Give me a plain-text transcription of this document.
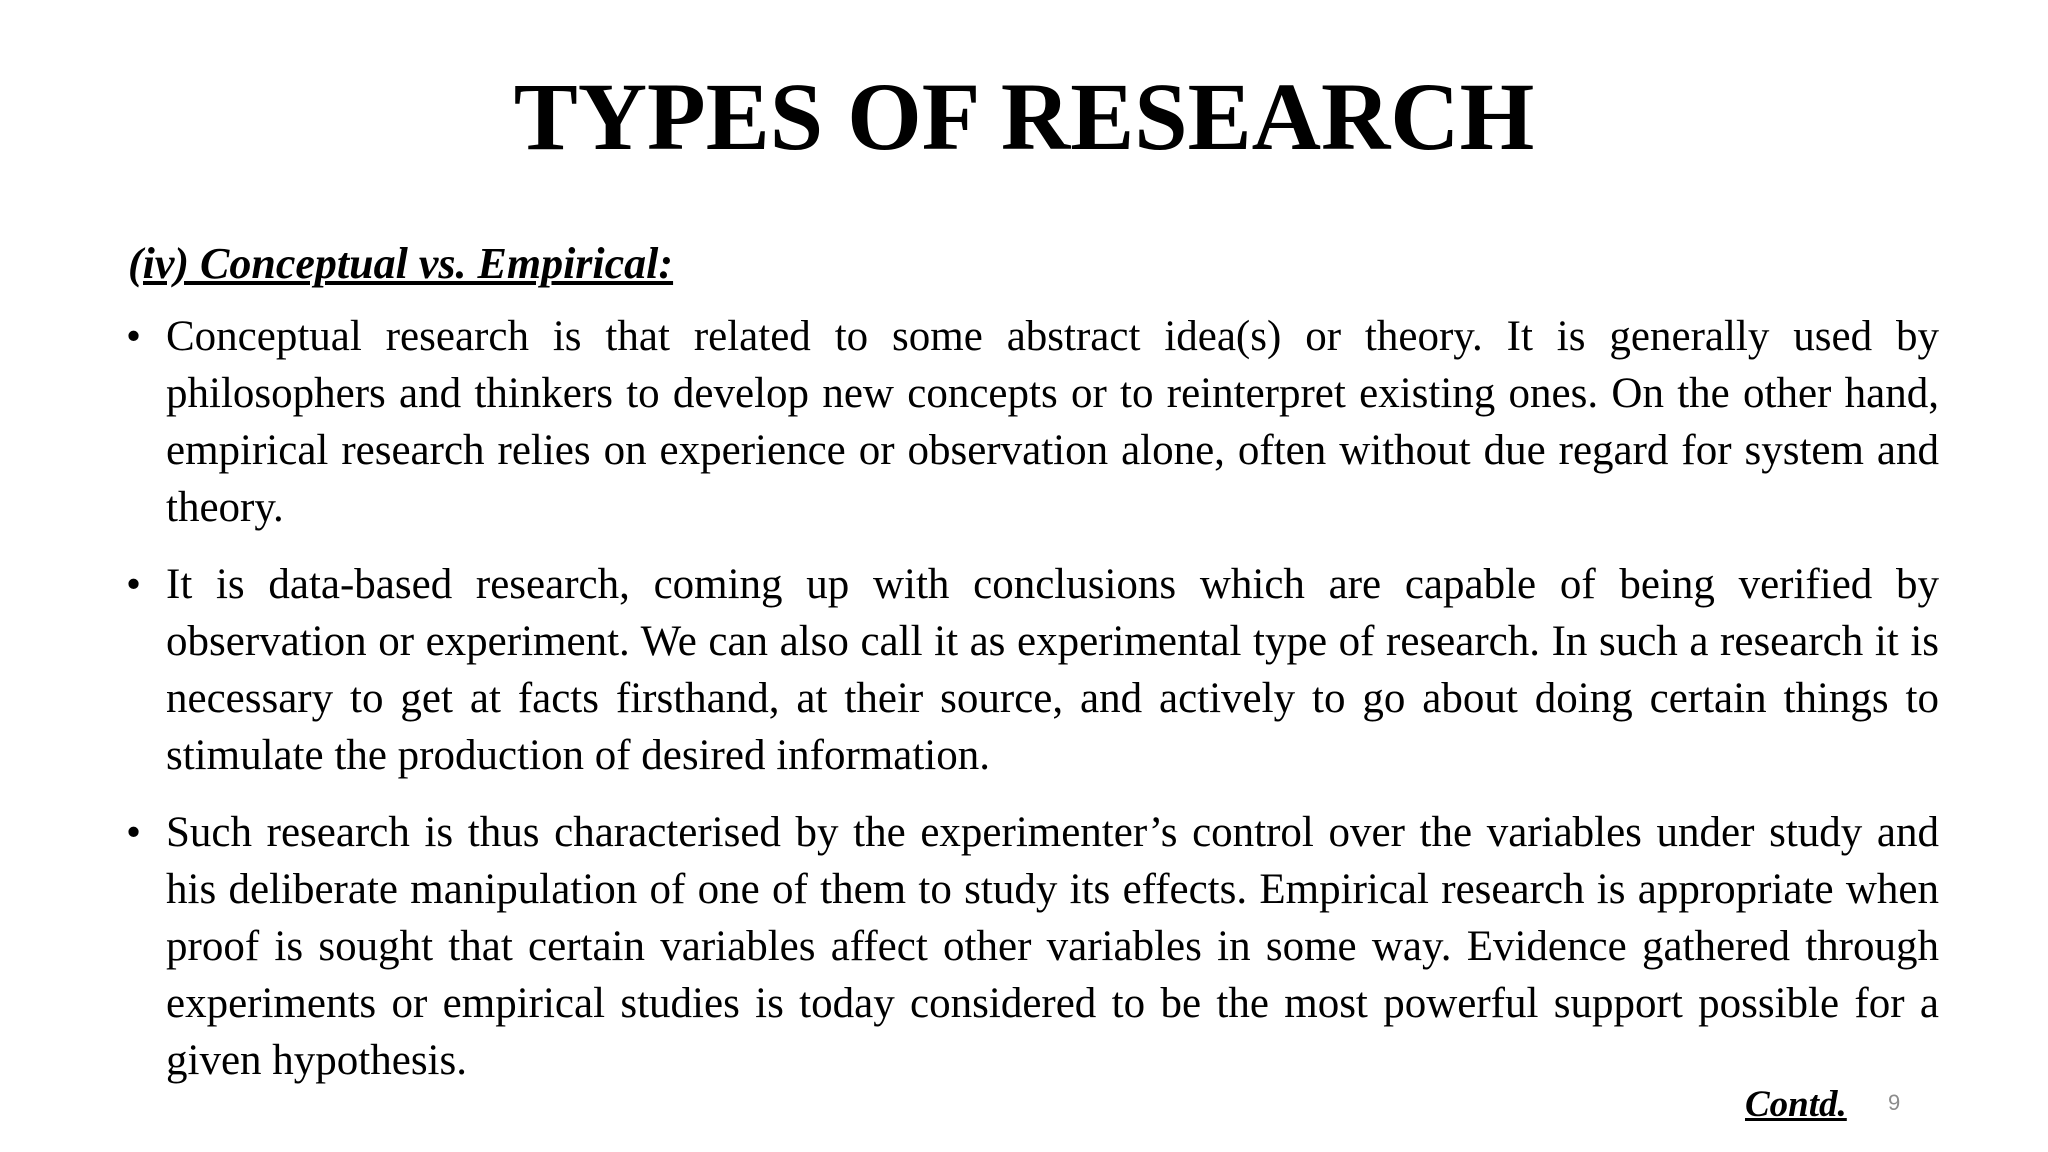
TYPES OF RESEARCH
(iv) Conceptual vs. Empirical:
• Conceptual research is that related to some abstract idea(s) or theory. It is generally used by philosophers and thinkers to develop new concepts or to reinterpret existing ones. On the other hand, empirical research relies on experience or observation alone, often without due regard for system and theory.
• It is data-based research, coming up with conclusions which are capable of being verified by observation or experiment. We can also call it as experimental type of research. In such a research it is necessary to get at facts firsthand, at their source, and actively to go about doing certain things to stimulate the production of desired information.
• Such research is thus characterised by the experimenter’s control over the variables under study and his deliberate manipulation of one of them to study its effects. Empirical research is appropriate when proof is sought that certain variables affect other variables in some way. Evidence gathered through experiments or empirical studies is today considered to be the most powerful support possible for a given hypothesis.
Contd. 9
